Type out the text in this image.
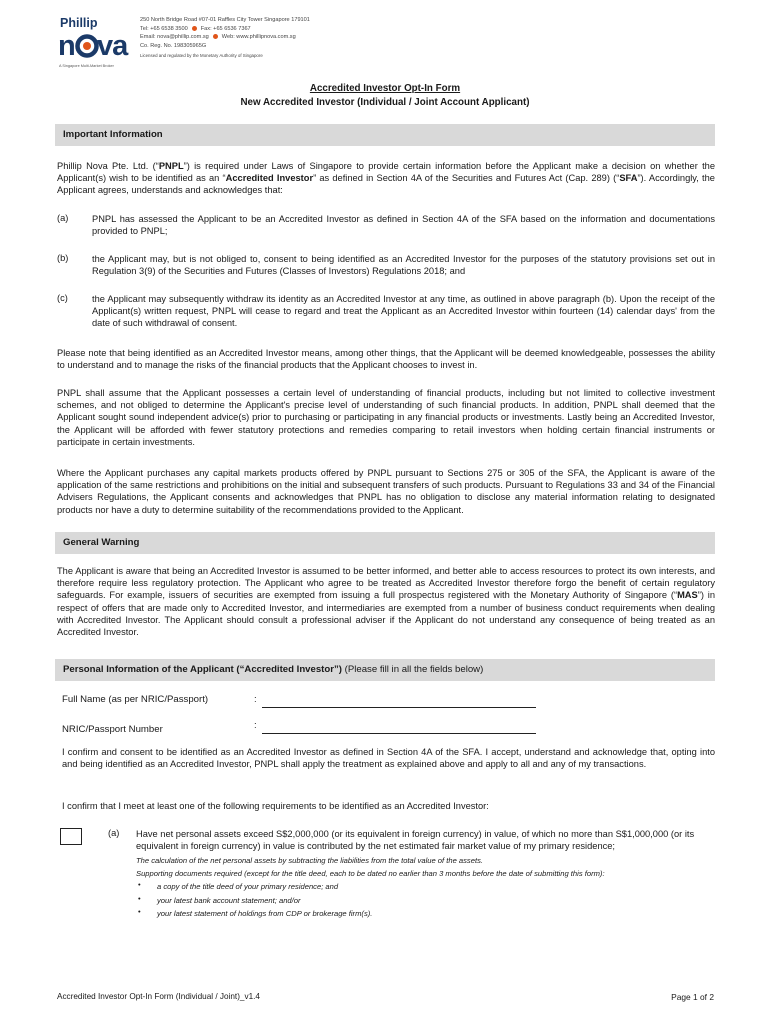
Phillip
n va
A Singapore Multi-Market Broker
250 North Bridge Road #07-01 Raffles City Tower Singapore 179101
Tel: +65 6538 3500 Fax: +65 6536 7367
Email: nova@phillip.com.sg Web: www.phillipnova.com.sg
Co. Reg. No. 198305965G
Licensed and regulated by the Monetary Authority of Singapore
Accredited Investor Opt-In Form
New Accredited Investor (Individual / Joint Account Applicant)
Important Information
Phillip Nova Pte. Ltd. (“PNPL”) is required under Laws of Singapore to provide certain information before the Applicant make a decision on whether the Applicant(s) wish to be identified as an “Accredited Investor” as defined in Section 4A of the Securities and Futures Act (Cap. 289) (“SFA”). Accordingly, the Applicant agrees, understands and acknowledges that:
(a)	PNPL has assessed the Applicant to be an Accredited Investor as defined in Section 4A of the SFA based on the information and documentations provided to PNPL;
(b)	the Applicant may, but is not obliged to, consent to being identified as an Accredited Investor for the purposes of the statutory provisions set out in Regulation 3(9) of the Securities and Futures (Classes of Investors) Regulations 2018; and
(c)	the Applicant may subsequently withdraw its identity as an Accredited Investor at any time, as outlined in above paragraph (b). Upon the receipt of the Applicant(s) written request, PNPL will cease to regard and treat the Applicant as an Accredited Investor within fourteen (14) calendar days' from the date of such withdrawal of consent.
Please note that being identified as an Accredited Investor means, among other things, that the Applicant will be deemed knowledgeable, possesses the ability to understand and to manage the risks of the financial products that the Applicant chooses to invest in.
PNPL shall assume that the Applicant possesses a certain level of understanding of financial products, including but not limited to collective investment schemes, and not obliged to determine the Applicant's precise level of understanding of such financial products. In addition, PNPL shall deemed that the Applicant sought sound independent advice(s) prior to purchasing or participating in any financial products or investments. Lastly being an Accredited Investor, the Applicant will be afforded with fewer statutory protections and remedies comparing to retail investors when holding certain financial instruments or participate in certain investments.
Where the Applicant purchases any capital markets products offered by PNPL pursuant to Sections 275 or 305 of the SFA, the Applicant is aware of the application of the same restrictions and prohibitions on the initial and subsequent transfers of such products. Pursuant to Regulations 33 and 34 of the Financial Advisers Regulations, the Applicant consents and acknowledges that PNPL has no obligation to disclose any material information relating to designated products nor have a duty to determine suitability of the recommendations provided to the Applicant.
General Warning
The Applicant is aware that being an Accredited Investor is assumed to be better informed, and better able to access resources to protect its own interests, and therefore require less regulatory protection. The Applicant who agree to be treated as Accredited Investor therefore forgo the benefit of certain regulatory safeguards. For example, issuers of securities are exempted from issuing a full prospectus registered with the Monetary Authority of Singapore (“MAS”) in respect of offers that are made only to Accredited Investor, and intermediaries are exempted from a number of business conduct requirements when dealing with Accredited Investor. The Applicant should consult a professional adviser if the Applicant do not understand any consequence of being treated as an Accredited Investor.
Personal Information of the Applicant (“Accredited Investor”) (Please fill in all the fields below)
Full Name (as per NRIC/Passport)	:
NRIC/Passport Number	:
I confirm and consent to be identified as an Accredited Investor as defined in Section 4A of the SFA. I accept, understand and acknowledge that, opting into and being identified as an Accredited Investor, PNPL shall apply the treatment as explained above and apply to all and any of my transactions.
I confirm that I meet at least one of the following requirements to be identified as an Accredited Investor:
(a) Have net personal assets exceed S$2,000,000 (or its equivalent in foreign currency) in value, of which no more than S$1,000,000 (or its equivalent in foreign currency) in value is contributed by the net estimated fair market value of my primary residence;
The calculation of the net personal assets by subtracting the liabilities from the total value of the assets.
Supporting documents required (except for the title deed, each to be dated no earlier than 3 months before the date of submitting this form):
• a copy of the title deed of your primary residence; and
• your latest bank account statement; and/or
• your latest statement of holdings from CDP or brokerage firm(s).
Accredited Investor Opt-In Form (Individual / Joint)_v1.4	Page 1 of 2
